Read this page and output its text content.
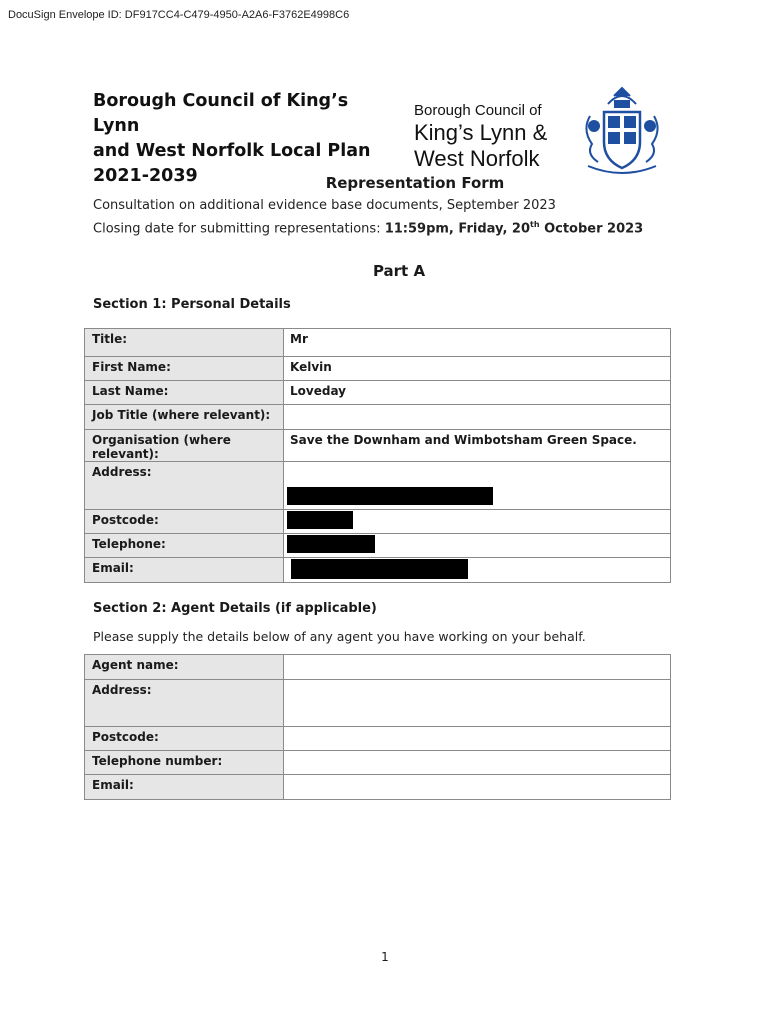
DocuSign Envelope ID: DF917CC4-C479-4950-A2A6-F3762E4998C6
Borough Council of King’s Lynn
and West Norfolk Local Plan
2021-2039
Borough Council of
King’s Lynn &
West Norfolk
Representation Form
Consultation on additional evidence base documents, September 2023
Closing date for submitting representations: 11:59pm, Friday, 20th October 2023
Part A
Section 1: Personal Details
Title:	Mr
First Name:	Kelvin
Last Name:	Loveday
Job Title (where relevant):	
Organisation (where relevant):	Save the Downham and Wimbotsham Green Space.
Address:	

Postcode:	

Telephone:	

Email:	
Section 2: Agent Details (if applicable)
Please supply the details below of any agent you have working on your behalf.
Agent name:	
Address:	
Postcode:	
Telephone number:	
Email:	
1
